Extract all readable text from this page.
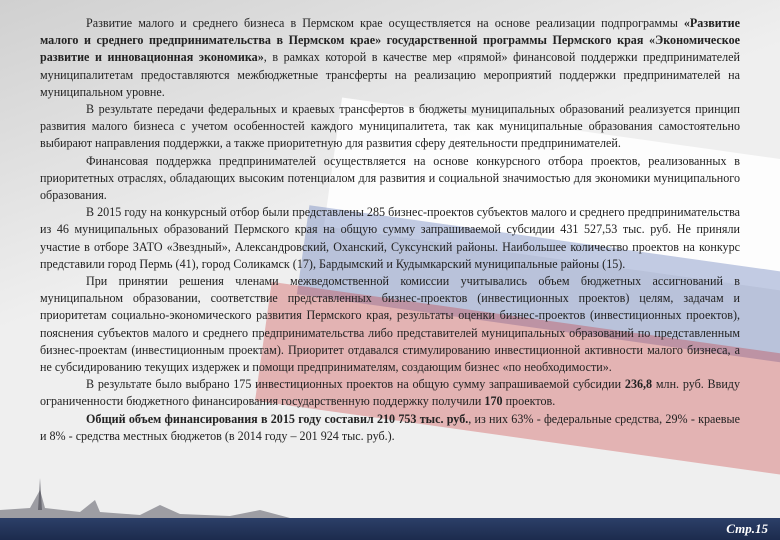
Развитие малого и среднего бизнеса в Пермском крае осуществляется на основе реализации подпрограммы «Развитие малого и среднего предпринимательства в Пермском крае» государственной программы Пермского края «Экономическое развитие и инновационная экономика», в рамках которой в качестве мер «прямой» финансовой поддержки предпринимателей муниципалитетам предоставляются межбюджетные трансферты на реализацию мероприятий поддержки предпринимателей на муниципальном уровне.

В результате передачи федеральных и краевых трансфертов в бюджеты муниципальных образований реализуется принцип развития малого бизнеса с учетом особенностей каждого муниципалитета, так как муниципальные образования самостоятельно выбирают направления поддержки, а также приоритетную для развития сферу деятельности предпринимателей.

Финансовая поддержка предпринимателей осуществляется на основе конкурсного отбора проектов, реализованных в приоритетных отраслях, обладающих высоким потенциалом для развития и социальной значимостью для экономики муниципального образования.

В 2015 году на конкурсный отбор были представлены 285 бизнес-проектов субъектов малого и среднего предпринимательства из 46 муниципальных образований Пермского края на общую сумму запрашиваемой субсидии 431 527,53 тыс. руб. Не приняли участие в отборе ЗАТО «Звездный», Александровский, Оханский, Суксунский районы. Наибольшее количество проектов на конкурс представили город Пермь (41), город Соликамск (17), Бардымский и Кудымкарский муниципальные районы (15).

При принятии решения членами межведомственной комиссии учитывались объем бюджетных ассигнований в муниципальном образовании, соответствие представленных бизнес-проектов (инвестиционных проектов) целям, задачам и приоритетам социально-экономического развития Пермского края, результаты оценки бизнес-проектов (инвестиционных проектов), пояснения субъектов малого и среднего предпринимательства либо представителей муниципальных образований по представленным бизнес-проектам (инвестиционным проектам). Приоритет отдавался стимулированию инвестиционной активности малого бизнеса, а не субсидированию текущих издержек и помощи предпринимателям, создающим бизнес «по необходимости».

В результате было выбрано 175 инвестиционных проектов на общую сумму запрашиваемой субсидии 236,8 млн. руб. Ввиду ограниченности бюджетного финансирования государственную поддержку получили 170 проектов.

Общий объем финансирования в 2015 году составил 210 753 тыс. руб., из них 63% - федеральные средства, 29% - краевые и 8% - средства местных бюджетов (в 2014 году – 201 924 тыс. руб.).

Стр.15
